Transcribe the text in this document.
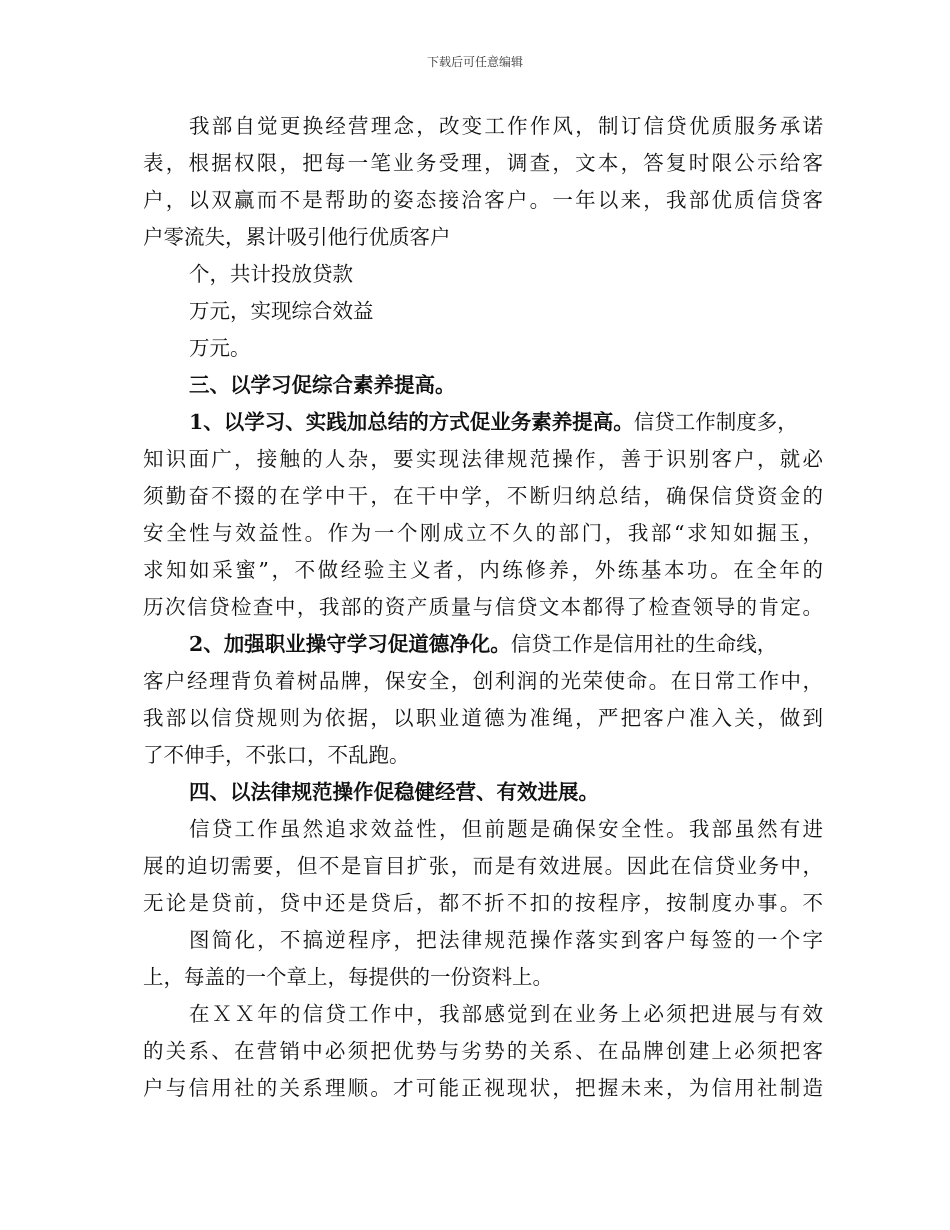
下载后可任意编辑
我部自觉更换经营理念，改变工作作风，制订信贷优质服务承诺
表，根据权限，把每一笔业务受理，调查，文本，答复时限公示给客
户，以双赢而不是帮助的姿态接洽客户。一年以来，我部优质信贷客
户零流失，累计吸引他行优质客户
个，共计投放贷款
万元，实现综合效益
万元。
三、以学习促综合素养提高。
1、以学习、实践加总结的方式促业务素养提高。信贷工作制度多，
知识面广，接触的人杂，要实现法律规范操作，善于识别客户，就必
须勤奋不掇的在学中干，在干中学，不断归纳总结，确保信贷资金的
安全性与效益性。作为一个刚成立不久的部门，我部“求知如掘玉，
求知如采蜜”，不做经验主义者，内练修养，外练基本功。在全年的
历次信贷检查中，我部的资产质量与信贷文本都得了检查领导的肯定。
2、加强职业操守学习促道德净化。信贷工作是信用社的生命线，
客户经理背负着树品牌，保安全，创利润的光荣使命。在日常工作中，
我部以信贷规则为依据，以职业道德为准绳，严把客户准入关，做到
了不伸手，不张口，不乱跑。
四、以法律规范操作促稳健经营、有效进展。
信贷工作虽然追求效益性，但前题是确保安全性。我部虽然有进
展的迫切需要，但不是盲目扩张，而是有效进展。因此在信贷业务中，
无论是贷前，贷中还是贷后，都不折不扣的按程序，按制度办事。不
图简化，不搞逆程序，把法律规范操作落实到客户每签的一个字
上，每盖的一个章上，每提供的一份资料上。
在ＸＸ年的信贷工作中，我部感觉到在业务上必须把进展与有效
的关系、在营销中必须把优势与劣势的关系、在品牌创建上必须把客
户与信用社的关系理顺。才可能正视现状，把握未来，为信用社制造
